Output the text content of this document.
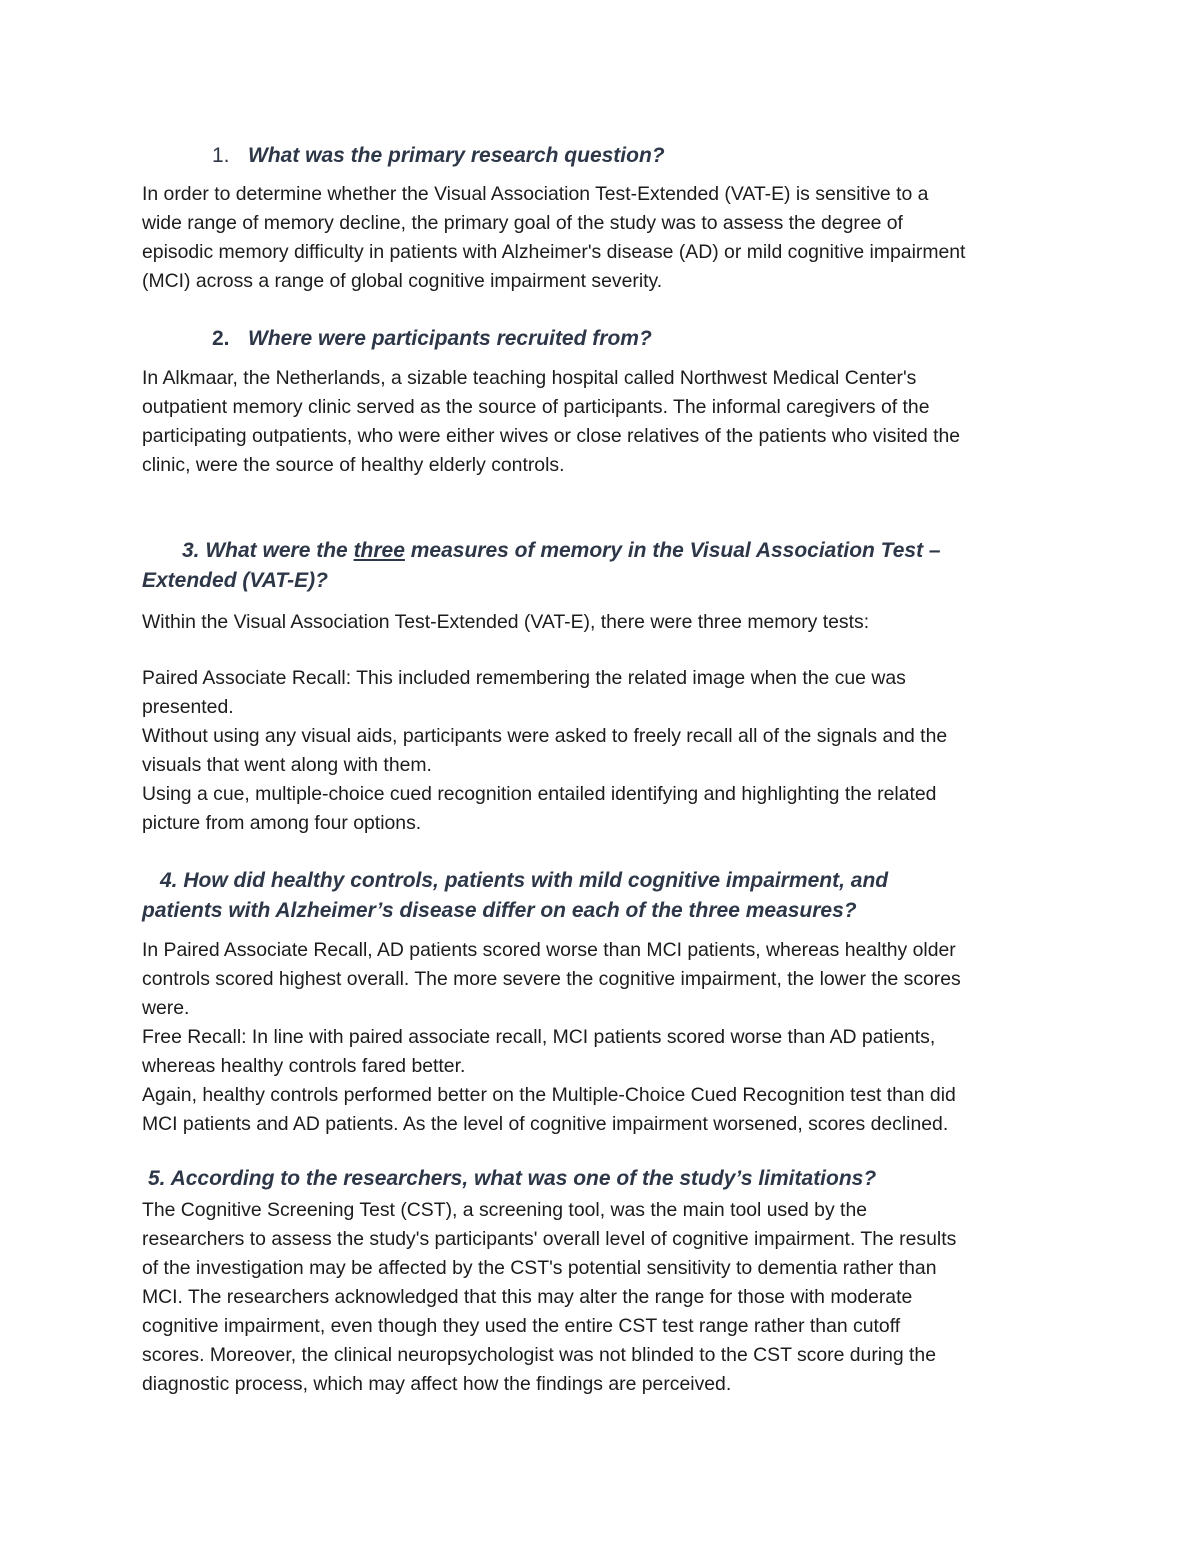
1. What was the primary research question?

In order to determine whether the Visual Association Test-Extended (VAT-E) is sensitive to a
wide range of memory decline, the primary goal of the study was to assess the degree of
episodic memory difficulty in patients with Alzheimer's disease (AD) or mild cognitive impairment
(MCI) across a range of global cognitive impairment severity.

2. Where were participants recruited from?

In Alkmaar, the Netherlands, a sizable teaching hospital called Northwest Medical Center's
outpatient memory clinic served as the source of participants. The informal caregivers of the
participating outpatients, who were either wives or close relatives of the patients who visited the
clinic, were the source of healthy elderly controls.

3. What were the three measures of memory in the Visual Association Test –
Extended (VAT-E)?

Within the Visual Association Test-Extended (VAT-E), there were three memory tests:

Paired Associate Recall: This included remembering the related image when the cue was
presented.
Without using any visual aids, participants were asked to freely recall all of the signals and the
visuals that went along with them.
Using a cue, multiple-choice cued recognition entailed identifying and highlighting the related
picture from among four options.

4. How did healthy controls, patients with mild cognitive impairment, and
patients with Alzheimer’s disease differ on each of the three measures?

In Paired Associate Recall, AD patients scored worse than MCI patients, whereas healthy older
controls scored highest overall. The more severe the cognitive impairment, the lower the scores
were.
Free Recall: In line with paired associate recall, MCI patients scored worse than AD patients,
whereas healthy controls fared better.
Again, healthy controls performed better on the Multiple-Choice Cued Recognition test than did
MCI patients and AD patients. As the level of cognitive impairment worsened, scores declined.

5. According to the researchers, what was one of the study’s limitations?

The Cognitive Screening Test (CST), a screening tool, was the main tool used by the
researchers to assess the study's participants' overall level of cognitive impairment. The results
of the investigation may be affected by the CST's potential sensitivity to dementia rather than
MCI. The researchers acknowledged that this may alter the range for those with moderate
cognitive impairment, even though they used the entire CST test range rather than cutoff
scores. Moreover, the clinical neuropsychologist was not blinded to the CST score during the
diagnostic process, which may affect how the findings are perceived.
